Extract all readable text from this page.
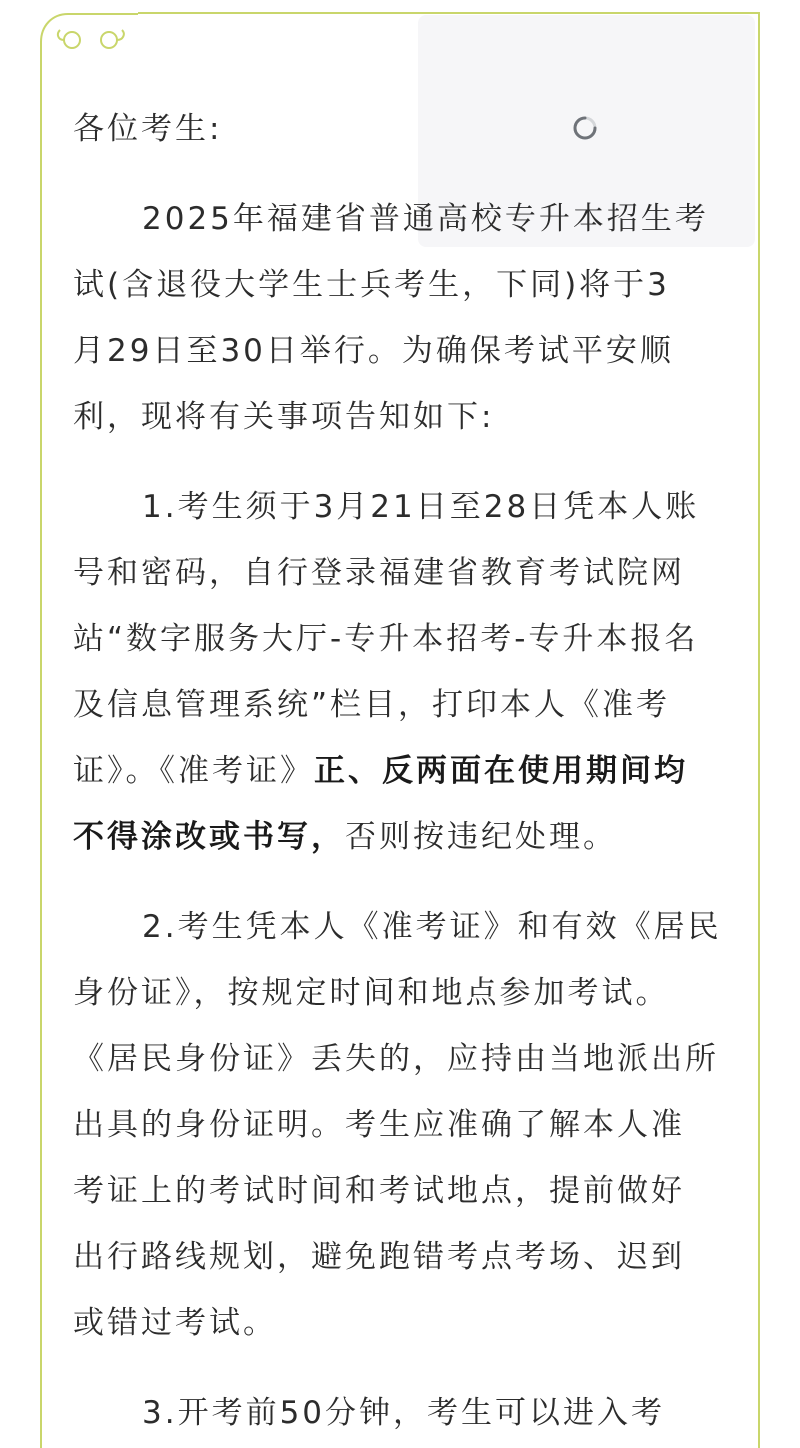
各位考生:
2025年福建省普通高校专升本招生考
试(含退役大学生士兵考生，下同)将于3
月29日至30日举行。为确保考试平安顺
利，现将有关事项告知如下:
1.考生须于3月21日至28日凭本人账
号和密码，自行登录福建省教育考试院网
站“数字服务大厅-专升本招考-专升本报名
及信息管理系统”栏目，打印本人《准考
证》。《准考证》正、反两面在使用期间均
不得涂改或书写，否则按违纪处理。
2.考生凭本人《准考证》和有效《居民
身份证》，按规定时间和地点参加考试。
《居民身份证》丢失的，应持由当地派出所
出具的身份证明。考生应准确了解本人准
考证上的考试时间和考试地点，提前做好
出行路线规划，避免跑错考点考场、迟到
或错过考试。
3.开考前50分钟，考生可以进入考
